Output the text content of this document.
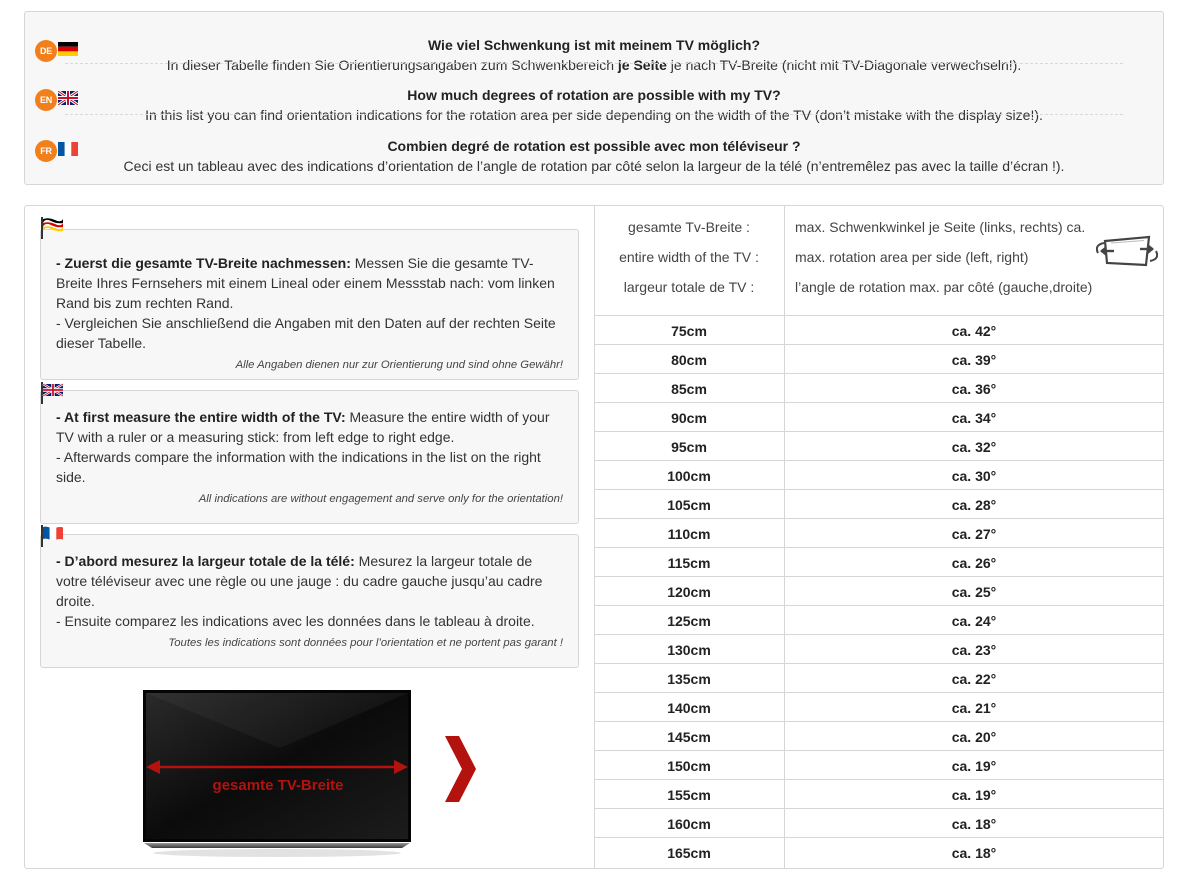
DE	Wie viel Schwenkung ist mit meinem TV möglich?
In dieser Tabelle finden Sie Orientierungsangaben zum Schwenkbereich je Seite je nach TV-Breite (nicht mit TV-Diagonale verwechseln!).
EN	How much degrees of rotation are possible with my TV?
In this list you can find orientation indications for the rotation area per side depending on the width of the TV (don’t mistake with the display size!).
FR	Combien degré de rotation est possible avec mon téléviseur ?
Ceci est un tableau avec des indications d’orientation de l’angle de rotation par côté selon la largeur de la télé (n’entremêlez pas avec la taille d’écran !).
- Zuerst die gesamte TV-Breite nachmessen: Messen Sie die gesamte TV-Breite Ihres Fernsehers mit einem Lineal oder einem Messstab nach: vom linken Rand bis zum rechten Rand.
- Vergleichen Sie anschließend die Angaben mit den Daten auf der rechten Seite dieser Tabelle.
Alle Angaben dienen nur zur Orientierung und sind ohne Gewähr!
- At first measure the entire width of the TV: Measure the entire width of your TV with a ruler or a measuring stick: from left edge to right edge.
- Afterwards compare the information with the indications in the list on the right side.
All indications are without engagement and serve only for the orientation!
- D’abord mesurez la largeur totale de la télé: Mesurez la largeur totale de votre téléviseur avec une règle ou une jauge : du cadre gauche jusqu’au cadre droite.
- Ensuite comparez les indications avec les données dans le tableau à droite.
Toutes les indications sont données pour l’orientation et ne portent pas garant !
gesamte TV-Breite
gesamte Tv-Breite :
entire width of the TV :
largeur totale de TV :
max. Schwenkwinkel je Seite (links, rechts) ca.
max. rotation area per side (left, right)
l’angle de rotation max. par côté (gauche,droite)
75cm	ca. 42°
80cm	ca. 39°
85cm	ca. 36°
90cm	ca. 34°
95cm	ca. 32°
100cm	ca. 30°
105cm	ca. 28°
110cm	ca. 27°
115cm	ca. 26°
120cm	ca. 25°
125cm	ca. 24°
130cm	ca. 23°
135cm	ca. 22°
140cm	ca. 21°
145cm	ca. 20°
150cm	ca. 19°
155cm	ca. 19°
160cm	ca. 18°
165cm	ca. 18°
